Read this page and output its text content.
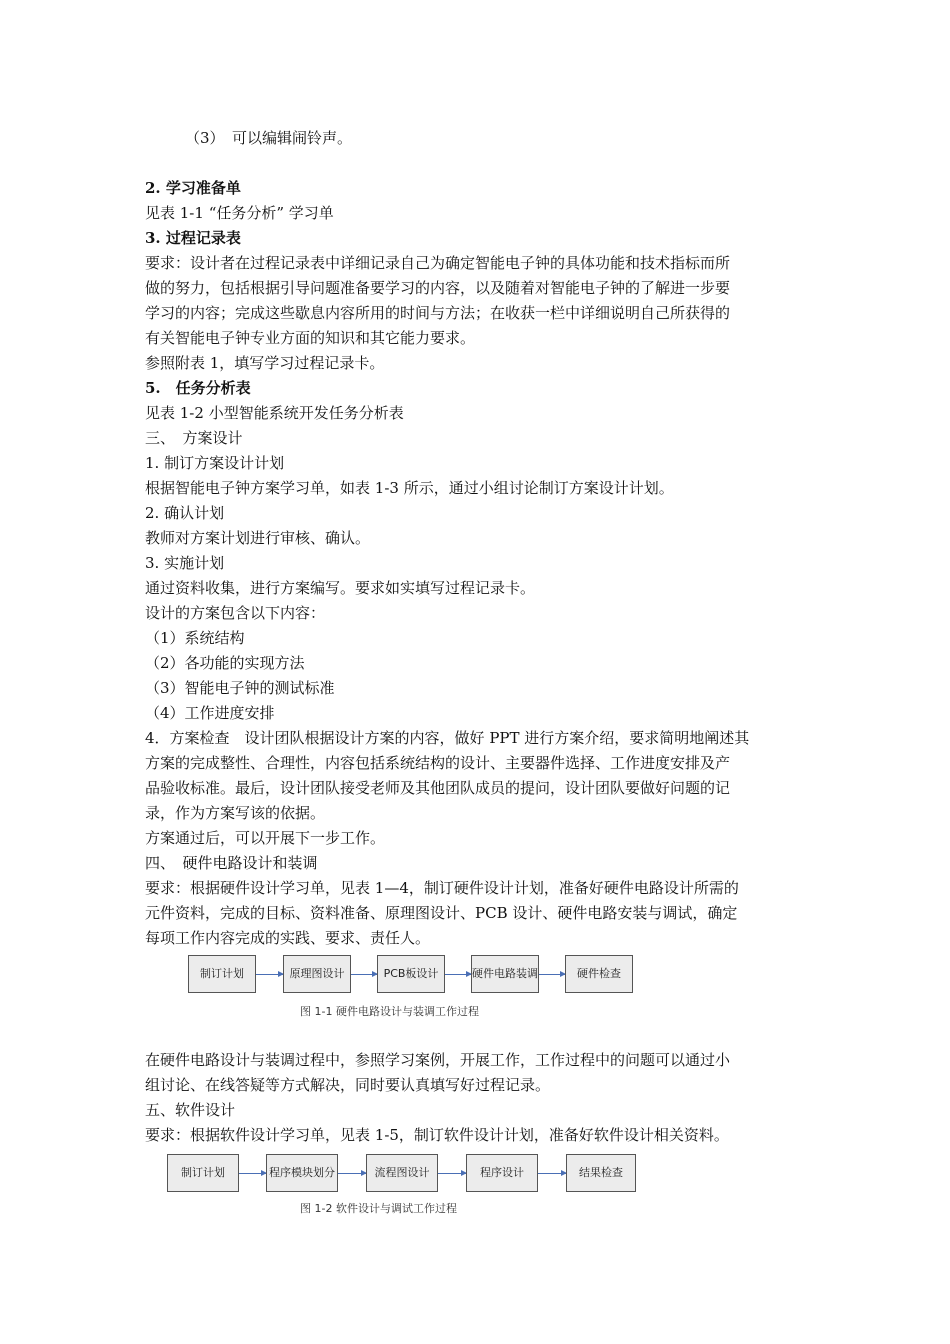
（3）　可以编辑闹铃声。
2. 学习准备单
见表 1-1 “任务分析” 学习单
3. 过程记录表
要求：设计者在过程记录表中详细记录自己为确定智能电子钟的具体功能和技术指标而所
做的努力，包括根据引导问题准备要学习的内容，以及随着对智能电子钟的了解进一步要
学习的内容；完成这些歇息内容所用的时间与方法；在收获一栏中详细说明自己所获得的
有关智能电子钟专业方面的知识和其它能力要求。
参照附表 1，填写学习过程记录卡。
5.　任务分析表
见表 1-2 小型智能系统开发任务分析表
三、　方案设计
1. 制订方案设计计划
根据智能电子钟方案学习单，如表 1-3 所示，通过小组讨论制订方案设计计划。
2. 确认计划
教师对方案计划进行审核、确认。
3. 实施计划
通过资料收集，进行方案编写。要求如实填写过程记录卡。
设计的方案包含以下内容：
（1）系统结构
（2）各功能的实现方法
（3）智能电子钟的测试标准
（4）工作进度安排
4．方案检查　设计团队根据设计方案的内容，做好 PPT 进行方案介绍，要求简明地阐述其
方案的完成整性、合理性，内容包括系统结构的设计、主要器件选择、工作进度安排及产
品验收标准。最后，设计团队接受老师及其他团队成员的提问，设计团队要做好问题的记
录，作为方案写该的依据。
方案通过后，可以开展下一步工作。
四、　硬件电路设计和装调
要求：根据硬件设计学习单，见表 1—4，制订硬件设计计划，准备好硬件电路设计所需的
元件资料，完成的目标、资料准备、原理图设计、PCB 设计、硬件电路安装与调试，确定
每项工作内容完成的实践、要求、责任人。
制订计划	原理图设计	PCB板设计	硬件电路装调	硬件检查
图 1-1 硬件电路设计与装调工作过程
在硬件电路设计与装调过程中，参照学习案例，开展工作，工作过程中的问题可以通过小
组讨论、在线答疑等方式解决，同时要认真填写好过程记录。
五、软件设计
要求：根据软件设计学习单，见表 1-5，制订软件设计计划，准备好软件设计相关资料。
制订计划	程序模块划分	流程图设计	程序设计	结果检查
图 1-2 软件设计与调试工作过程
